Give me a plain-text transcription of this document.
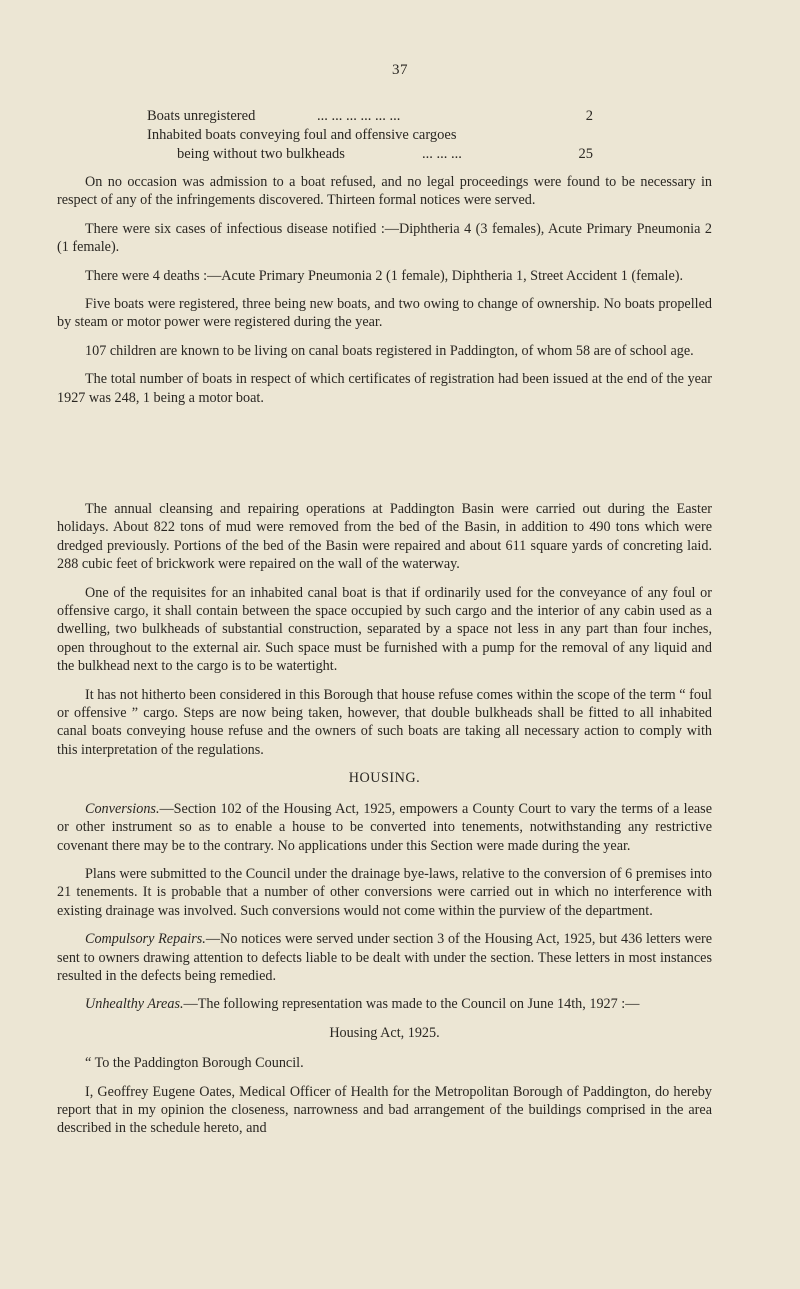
37
Boats unregistered	... ... ... ... ... ...	2
Inhabited boats conveying foul and offensive cargoes
being without two bulkheads	... ... ...	25

On no occasion was admission to a boat refused, and no legal proceedings were found to be necessary in respect of any of the infringements discovered. Thirteen formal notices were served.

There were six cases of infectious disease notified :—Diphtheria 4 (3 females), Acute Primary Pneumonia 2 (1 female).

There were 4 deaths :—Acute Primary Pneumonia 2 (1 female), Diphtheria 1, Street Accident 1 (female).

Five boats were registered, three being new boats, and two owing to change of ownership. No boats propelled by steam or motor power were registered during the year.

107 children are known to be living on canal boats registered in Paddington, of whom 58 are of school age.

The total number of boats in respect of which certificates of registration had been issued at the end of the year 1927 was 248, 1 being a motor boat.

The annual cleansing and repairing operations at Paddington Basin were carried out during the Easter holidays. About 822 tons of mud were removed from the bed of the Basin, in addition to 490 tons which were dredged previously. Portions of the bed of the Basin were repaired and about 611 square yards of concreting laid. 288 cubic feet of brickwork were repaired on the wall of the waterway.

One of the requisites for an inhabited canal boat is that if ordinarily used for the conveyance of any foul or offensive cargo, it shall contain between the space occupied by such cargo and the interior of any cabin used as a dwelling, two bulkheads of substantial construction, separated by a space not less in any part than four inches, open throughout to the external air. Such space must be furnished with a pump for the removal of any liquid and the bulkhead next to the cargo is to be watertight.

It has not hitherto been considered in this Borough that house refuse comes within the scope of the term “ foul or offensive ” cargo. Steps are now being taken, however, that double bulkheads shall be fitted to all inhabited canal boats conveying house refuse and the owners of such boats are taking all necessary action to comply with this interpretation of the regulations.

HOUSING.

Conversions.—Section 102 of the Housing Act, 1925, empowers a County Court to vary the terms of a lease or other instrument so as to enable a house to be converted into tenements, notwithstanding any restrictive covenant there may be to the contrary. No applications under this Section were made during the year.

Plans were submitted to the Council under the drainage bye-laws, relative to the conversion of 6 premises into 21 tenements. It is probable that a number of other conversions were carried out in which no interference with existing drainage was involved. Such conversions would not come within the purview of the department.

Compulsory Repairs.—No notices were served under section 3 of the Housing Act, 1925, but 436 letters were sent to owners drawing attention to defects liable to be dealt with under the section. These letters in most instances resulted in the defects being remedied.

Unhealthy Areas.—The following representation was made to the Council on June 14th, 1927 :—

Housing Act, 1925.

“ To the Paddington Borough Council.

I, Geoffrey Eugene Oates, Medical Officer of Health for the Metropolitan Borough of Paddington, do hereby report that in my opinion the closeness, narrowness and bad arrangement of the buildings comprised in the area described in the schedule hereto, and
